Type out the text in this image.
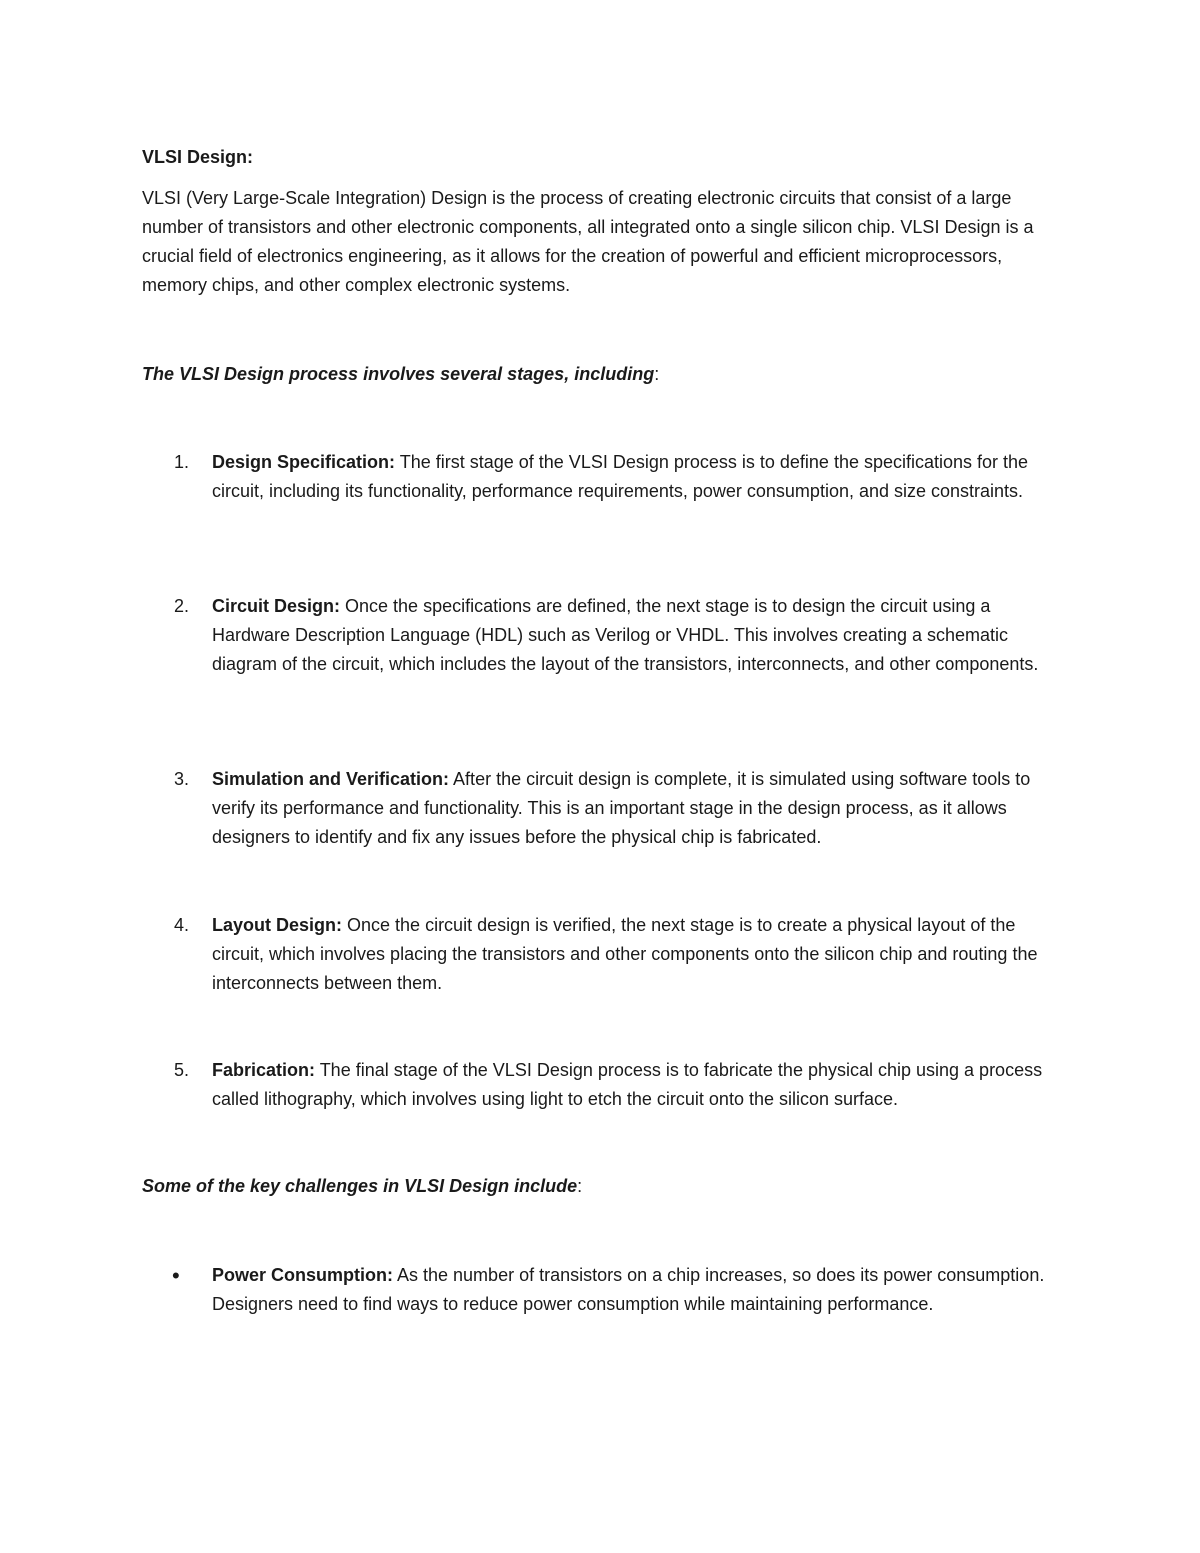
VLSI Design:

VLSI (Very Large-Scale Integration) Design is the process of creating electronic circuits that consist of a large number of transistors and other electronic components, all integrated onto a single silicon chip. VLSI Design is a crucial field of electronics engineering, as it allows for the creation of powerful and efficient microprocessors, memory chips, and other complex electronic systems.

The VLSI Design process involves several stages, including:

1.	Design Specification: The first stage of the VLSI Design process is to define the specifications for the circuit, including its functionality, performance requirements, power consumption, and size constraints.
2.	Circuit Design: Once the specifications are defined, the next stage is to design the circuit using a Hardware Description Language (HDL) such as Verilog or VHDL. This involves creating a schematic diagram of the circuit, which includes the layout of the transistors, interconnects, and other components.
3.	Simulation and Verification: After the circuit design is complete, it is simulated using software tools to verify its performance and functionality. This is an important stage in the design process, as it allows designers to identify and fix any issues before the physical chip is fabricated.
4.	Layout Design: Once the circuit design is verified, the next stage is to create a physical layout of the circuit, which involves placing the transistors and other components onto the silicon chip and routing the interconnects between them.
5.	Fabrication: The final stage of the VLSI Design process is to fabricate the physical chip using a process called lithography, which involves using light to etch the circuit onto the silicon surface.

Some of the key challenges in VLSI Design include:

• Power Consumption: As the number of transistors on a chip increases, so does its power consumption. Designers need to find ways to reduce power consumption while maintaining performance.
